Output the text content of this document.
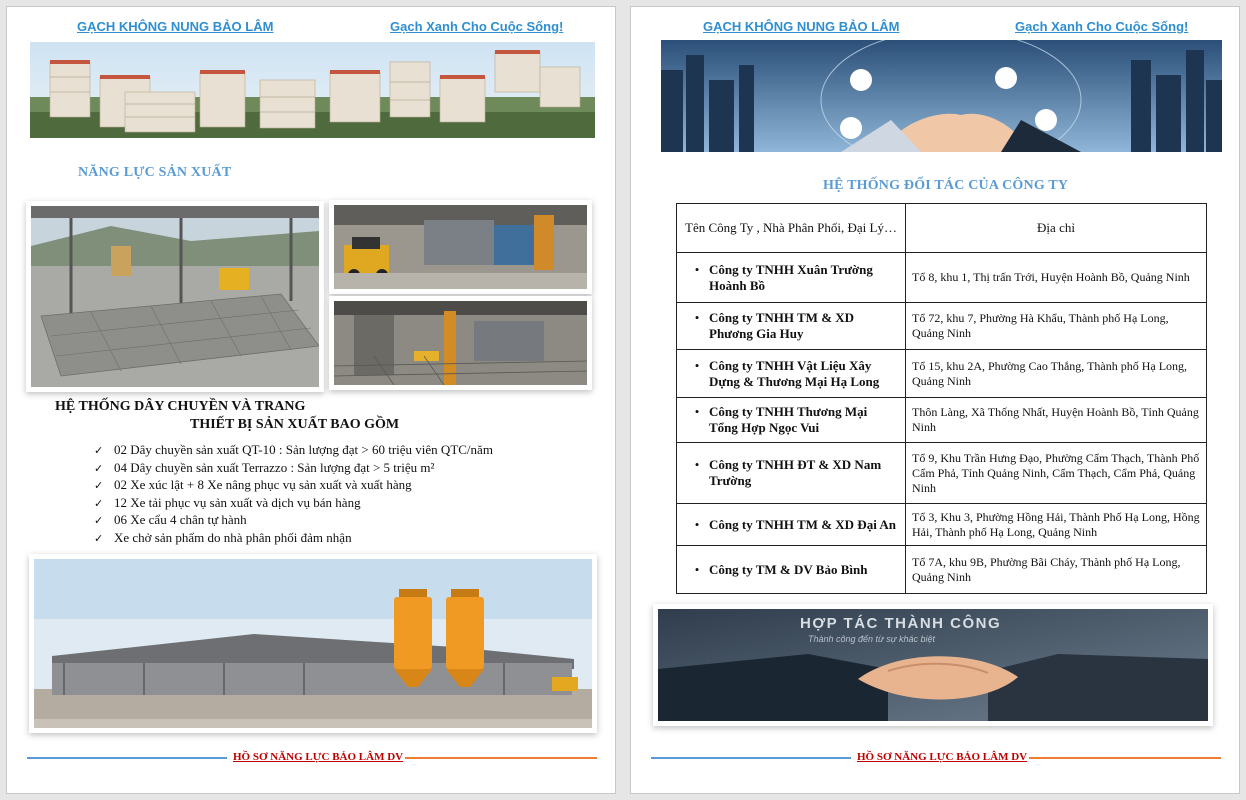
GẠCH KHÔNG NUNG BẢO LÂM	Gạch Xanh Cho Cuộc Sống!
NĂNG LỰC SẢN XUẤT
HỆ THỐNG DÂY CHUYỀN VÀ TRANG
THIẾT BỊ SẢN XUẤT BAO GỒM
✓ 02 Dây chuyền sản xuất QT-10 : Sản lượng đạt > 60 triệu viên QTC/năm
✓ 04 Dây chuyền sản xuất Terrazzo : Sản lượng đạt > 5 triệu m²
✓ 02 Xe xúc lật + 8 Xe nâng phục vụ sản xuất và xuất hàng
✓ 12 Xe tải phục vụ sản xuất và dịch vụ bán hàng
✓ 06 Xe cẩu 4 chân tự hành
✓ Xe chở sản phẩm do nhà phân phối đảm nhận
HỒ SƠ NĂNG LỰC BẢO LÂM DV
GẠCH KHÔNG NUNG BẢO LÂM	Gạch Xanh Cho Cuộc Sống!
HỆ THỐNG ĐỐI TÁC CỦA CÔNG TY
Tên Công Ty , Nhà Phân Phối, Đại Lý…	Địa chỉ

• Công ty TNHH Xuân Trường Hoành Bồ	Tổ 8, khu 1, Thị trấn Trới, Huyện Hoành Bồ, Quảng Ninh

• Công ty TNHH TM & XD Phương Gia Huy	Tổ 72, khu 7, Phường Hà Khẩu, Thành phố Hạ Long, Quảng Ninh

• Công ty TNHH Vật Liệu Xây Dựng & Thương Mại Hạ Long	Tổ 15, khu 2A, Phường Cao Thắng, Thành phố Hạ Long, Quảng Ninh

• Công ty TNHH Thương Mại Tổng Hợp Ngọc Vui	Thôn Làng, Xã Thống Nhất, Huyện Hoành Bồ, Tỉnh Quảng Ninh

• Công ty TNHH ĐT & XD Nam Trường	Tổ 9, Khu Trần Hưng Đạo, Phường Cẩm Thạch, Thành Phố Cẩm Phả, Tỉnh Quảng Ninh, Cẩm Thạch, Cẩm Phả, Quảng Ninh

• Công ty TNHH TM & XD Đại An	Tổ 3, Khu 3, Phường Hồng Hải, Thành Phố Hạ Long, Hồng Hải, Thành phố Hạ Long, Quảng Ninh

• Công ty TM & DV Bảo Bình	Tổ 7A, khu 9B, Phường Bãi Cháy, Thành phố Hạ Long, Quảng Ninh
HỢP TÁC THÀNH CÔNG
Thành công đến từ sự khác biệt
HỒ SƠ NĂNG LỰC BẢO LÂM DV
